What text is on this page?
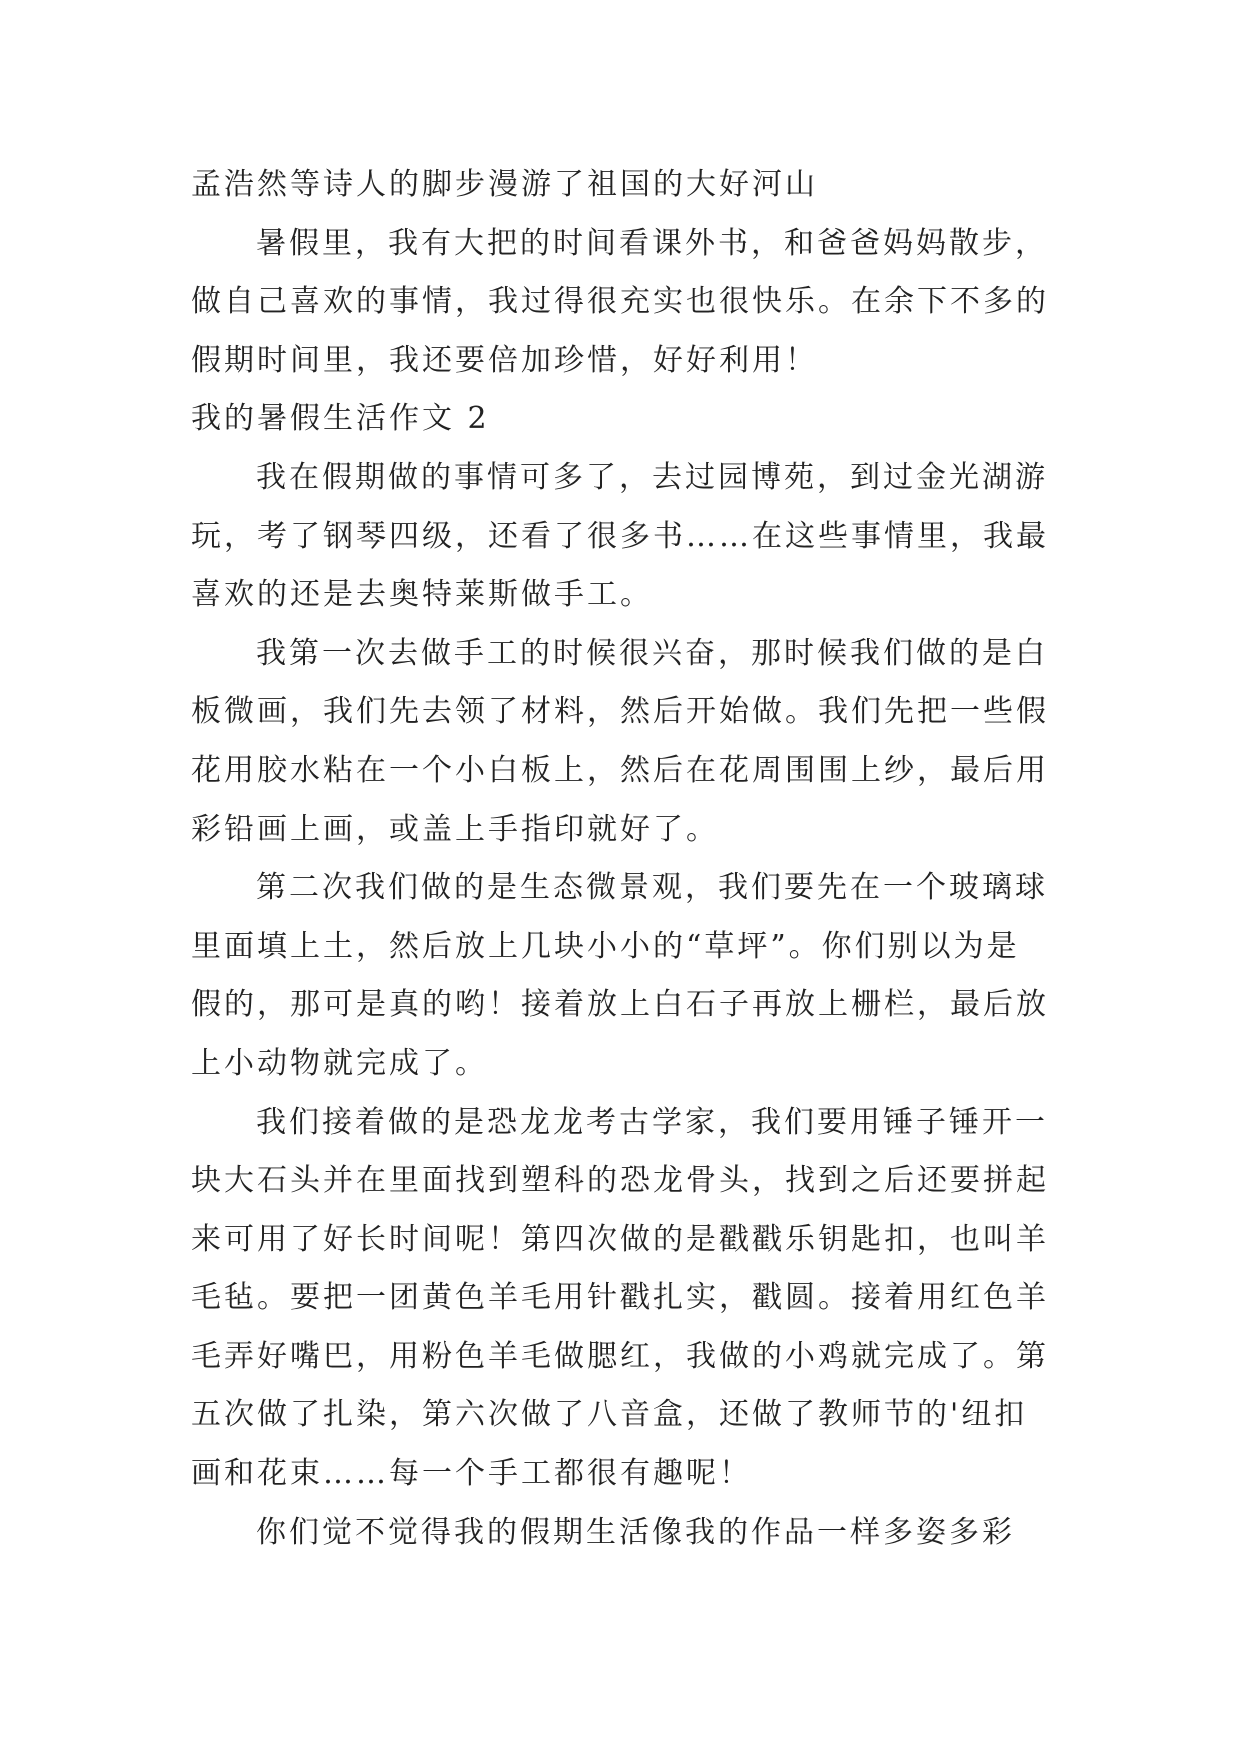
孟浩然等诗人的脚步漫游了祖国的大好河山
暑假里，我有大把的时间看课外书，和爸爸妈妈散步，
做自己喜欢的事情，我过得很充实也很快乐。在余下不多的
假期时间里，我还要倍加珍惜，好好利用！
我的暑假生活作文 2
我在假期做的事情可多了，去过园博苑，到过金光湖游
玩，考了钢琴四级，还看了很多书……在这些事情里，我最
喜欢的还是去奥特莱斯做手工。
我第一次去做手工的时候很兴奋，那时候我们做的是白
板微画，我们先去领了材料，然后开始做。我们先把一些假
花用胶水粘在一个小白板上，然后在花周围围上纱，最后用
彩铅画上画，或盖上手指印就好了。
第二次我们做的是生态微景观，我们要先在一个玻璃球
里面填上土，然后放上几块小小的“草坪”。你们别以为是
假的，那可是真的哟！接着放上白石子再放上栅栏，最后放
上小动物就完成了。
我们接着做的是恐龙龙考古学家，我们要用锤子锤开一
块大石头并在里面找到塑科的恐龙骨头，找到之后还要拼起
来可用了好长时间呢！第四次做的是戳戳乐钥匙扣，也叫羊
毛毡。要把一团黄色羊毛用针戳扎实，戳圆。接着用红色羊
毛弄好嘴巴，用粉色羊毛做腮红，我做的小鸡就完成了。第
五次做了扎染，第六次做了八音盒，还做了教师节的'纽扣
画和花束……每一个手工都很有趣呢！
你们觉不觉得我的假期生活像我的作品一样多姿多彩
